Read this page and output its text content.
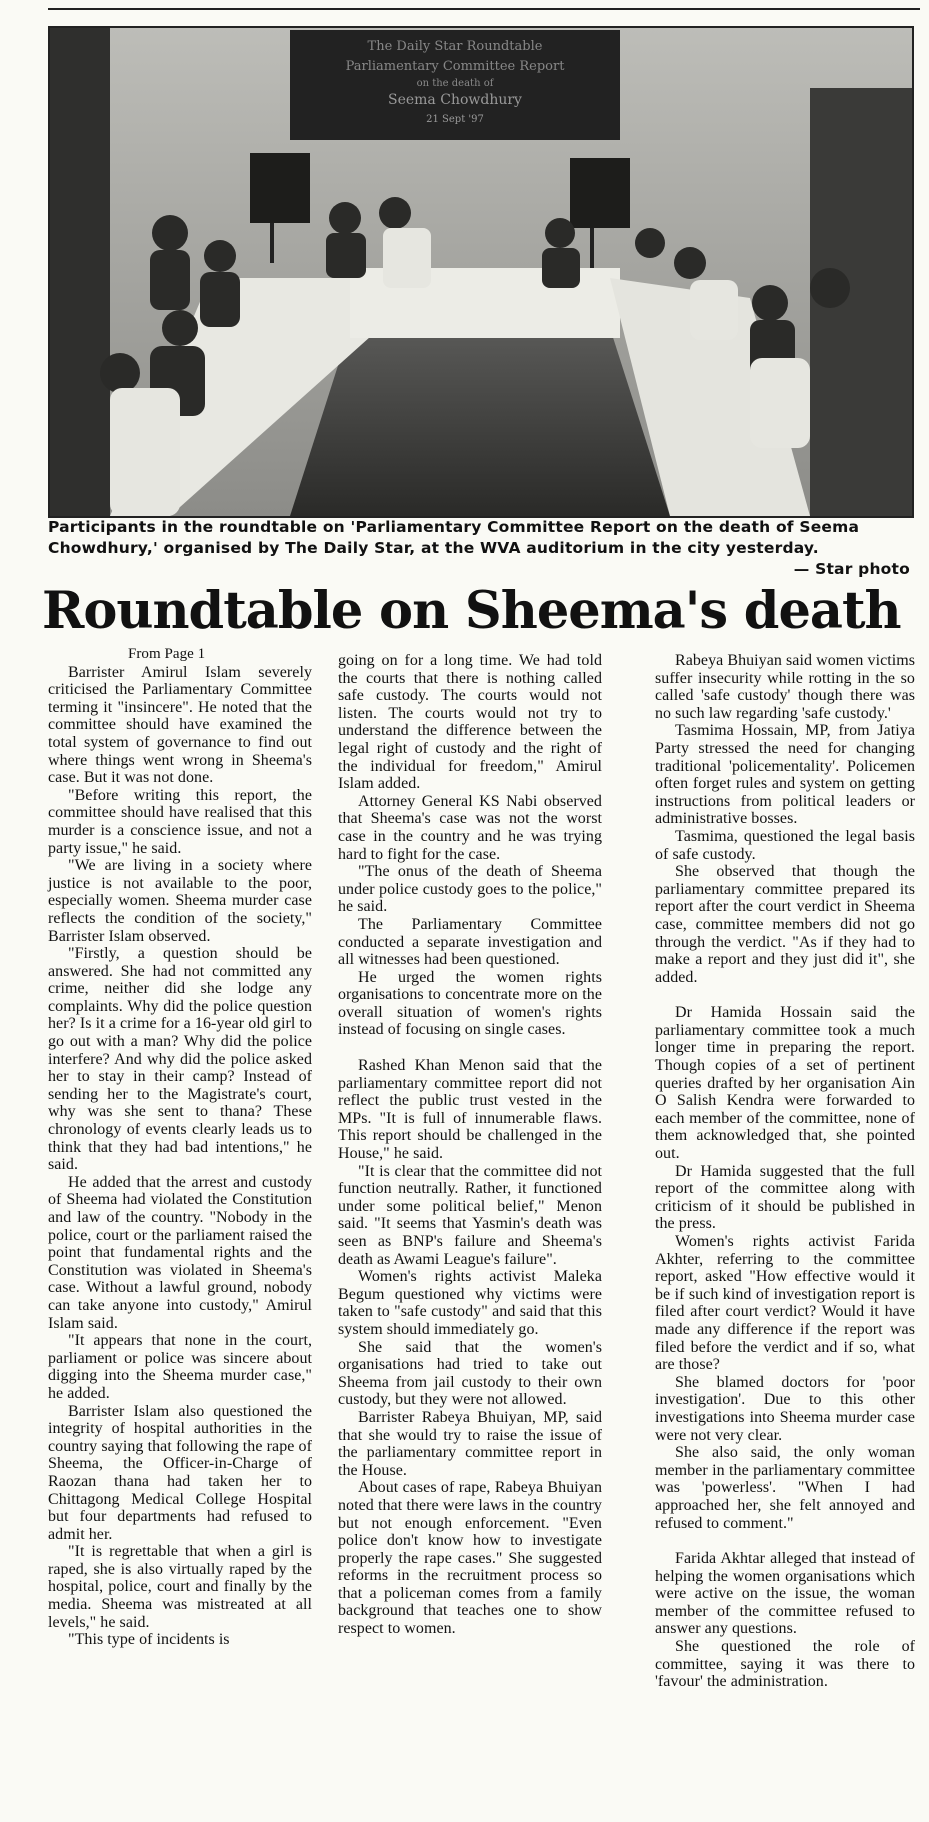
The Daily Star Roundtable
Parliamentary Committee Report
on the death of
Seema Chowdhury
21 Sept '97
Participants in the roundtable on 'Parliamentary Committee Report on the death of Seema Chowdhury,' organised by The Daily Star, at the WVA auditorium in the city yesterday.
— Star photo
Roundtable on Sheema's death

From Page 1

Barrister Amirul Islam severely criticised the Parliamentary Committee terming it "insincere". He noted that the committee should have examined the total system of governance to find out where things went wrong in Sheema's case. But it was not done.

"Before writing this report, the committee should have realised that this murder is a conscience issue, and not a party issue," he said.

"We are living in a society where justice is not available to the poor, especially women. Sheema murder case reflects the condition of the society," Barrister Islam observed.

"Firstly, a question should be answered. She had not committed any crime, neither did she lodge any complaints. Why did the police question her? Is it a crime for a 16-year old girl to go out with a man? Why did the police interfere? And why did the police asked her to stay in their camp? Instead of sending her to the Magistrate's court, why was she sent to thana? These chronology of events clearly leads us to think that they had bad intentions," he said.

He added that the arrest and custody of Sheema had violated the Constitution and law of the country. "Nobody in the police, court or the parliament raised the point that fundamental rights and the Constitution was violated in Sheema's case. Without a lawful ground, nobody can take anyone into custody," Amirul Islam said.

"It appears that none in the court, parliament or police was sincere about digging into the Sheema murder case," he added.

Barrister Islam also questioned the integrity of hospital authorities in the country saying that following the rape of Sheema, the Officer-in-Charge of Raozan thana had taken her to Chittagong Medical College Hospital but four departments had refused to admit her.

"It is regrettable that when a girl is raped, she is also virtually raped by the hospital, police, court and finally by the media. Sheema was mistreated at all levels," he said.

"This type of incidents is

going on for a long time. We had told the courts that there is nothing called safe custody. The courts would not listen. The courts would not try to understand the difference between the legal right of custody and the right of the individual for freedom," Amirul Islam added.

Attorney General KS Nabi observed that Sheema's case was not the worst case in the country and he was trying hard to fight for the case.

"The onus of the death of Sheema under police custody goes to the police," he said.

The Parliamentary Committee conducted a separate investigation and all witnesses had been questioned.

He urged the women rights organisations to concentrate more on the overall situation of women's rights instead of focusing on single cases.

Rashed Khan Menon said that the parliamentary committee report did not reflect the public trust vested in the MPs. "It is full of innumerable flaws. This report should be challenged in the House," he said.

"It is clear that the committee did not function neutrally. Rather, it functioned under some political belief," Menon said. "It seems that Yasmin's death was seen as BNP's failure and Sheema's death as Awami League's failure".

Women's rights activist Maleka Begum questioned why victims were taken to "safe custody" and said that this system should immediately go.

She said that the women's organisations had tried to take out Sheema from jail custody to their own custody, but they were not allowed.

Barrister Rabeya Bhuiyan, MP, said that she would try to raise the issue of the parliamentary committee report in the House.

About cases of rape, Rabeya Bhuiyan noted that there were laws in the country but not enough enforcement. "Even police don't know how to investigate properly the rape cases." She suggested reforms in the recruitment process so that a policeman comes from a family background that teaches one to show respect to women.

Rabeya Bhuiyan said women victims suffer insecurity while rotting in the so called 'safe custody' though there was no such law regarding 'safe custody.'

Tasmima Hossain, MP, from Jatiya Party stressed the need for changing traditional 'policementality'. Policemen often forget rules and system on getting instructions from political leaders or administrative bosses.

Tasmima, questioned the legal basis of safe custody.

She observed that though the parliamentary committee prepared its report after the court verdict in Sheema case, committee members did not go through the verdict. "As if they had to make a report and they just did it", she added.

Dr Hamida Hossain said the parliamentary committee took a much longer time in preparing the report. Though copies of a set of pertinent queries drafted by her organisation Ain O Salish Kendra were forwarded to each member of the committee, none of them acknowledged that, she pointed out.

Dr Hamida suggested that the full report of the committee along with criticism of it should be published in the press.

Women's rights activist Farida Akhter, referring to the committee report, asked "How effective would it be if such kind of investigation report is filed after court verdict? Would it have made any difference if the report was filed before the verdict and if so, what are those?

She blamed doctors for 'poor investigation'. Due to this other investigations into Sheema murder case were not very clear.

She also said, the only woman member in the parliamentary committee was 'powerless'. "When I had approached her, she felt annoyed and refused to comment."

Farida Akhtar alleged that instead of helping the women organisations which were active on the issue, the woman member of the committee refused to answer any questions.

She questioned the role of committee, saying it was there to 'favour' the administration.
